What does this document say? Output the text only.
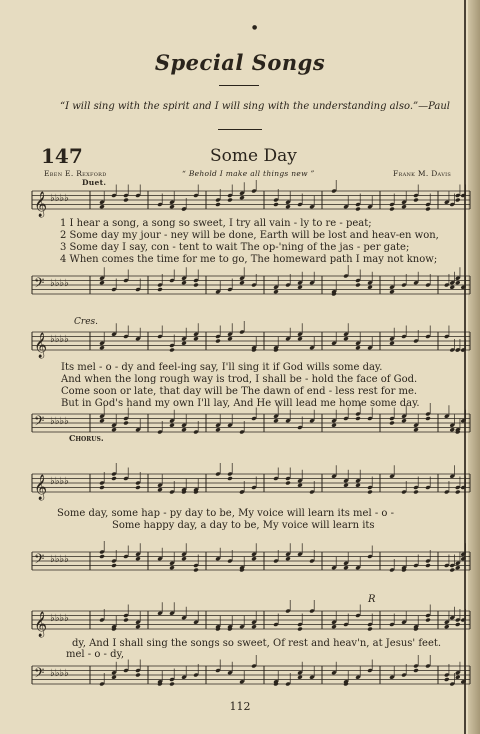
●
Special Songs
“I will sing with the spirit and I will sing with the understanding also.”—Paul
147	Some Day
Eben E. Rexford	“ Behold I make all things new ”	Frank M. Davis
Duet.
𝄞 ♭♭♭♭
1 I hear a song, a song so sweet, I try all vain - ly to re - peat;
2 Some day my jour - ney will be done, Earth will be lost and heav-en won,
3 Some day I say, con - tent to wait The op-'ning of the jas - per gate;
4 When comes the time for me to go, The homeward path I may not know;
𝄢 ♭♭♭♭
Cres.
𝄞 ♭♭♭♭
Its mel - o - dy and feel-ing say, I'll sing it if God wills some day.
And when the long rough way is trod, I shall be - hold the face of God.
Come soon or late, that day will be The dawn of end - less rest for me.
But in God's hand my own I'll lay, And He will lead me home some day.
𝄢 ♭♭♭♭
Chorus.
𝄞 ♭♭♭♭
Some day, some hap - py day to be, My voice will learn its mel - o -
Some happy day, a day to be, My voice will learn its
𝄢 ♭♭♭♭
R
𝄞 ♭♭♭♭
dy, And I shall sing the songs so sweet, Of rest and heav'n, at Jesus' feet.
mel - o - dy,
𝄢 ♭♭♭♭
112
